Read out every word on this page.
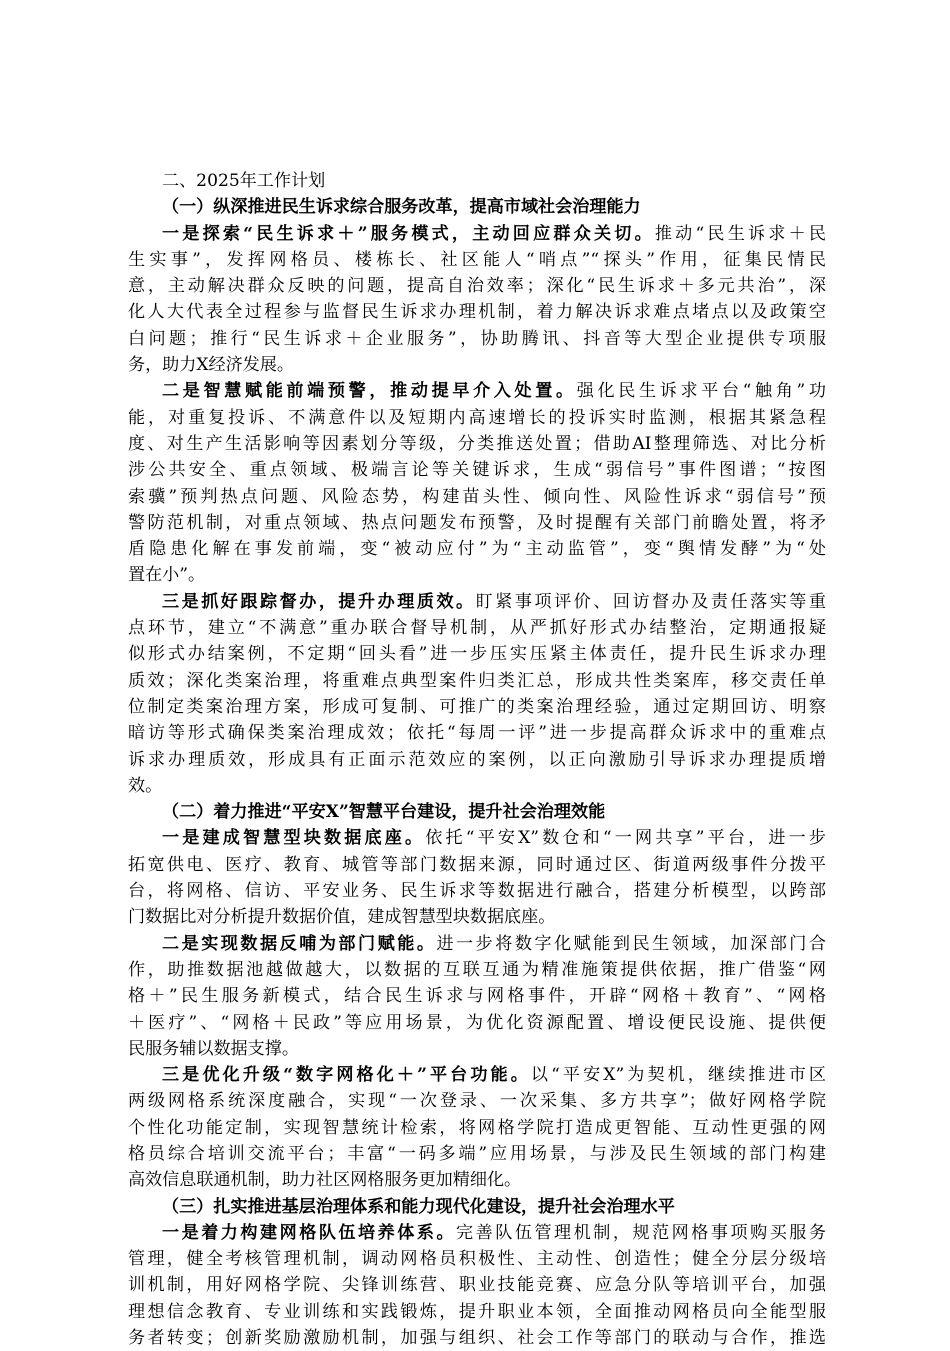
二、2025年工作计划
（一）纵深推进民生诉求综合服务改革，提高市域社会治理能力
一是探索“民生诉求＋”服务模式，主动回应群众关切。推动“民生诉求＋民
生实事”，发挥网格员、楼栋长、社区能人“哨点”“探头”作用，征集民情民
意，主动解决群众反映的问题，提高自治效率；深化“民生诉求＋多元共治”，深
化人大代表全过程参与监督民生诉求办理机制，着力解决诉求难点堵点以及政策空
白问题；推行“民生诉求＋企业服务”，协助腾讯、抖音等大型企业提供专项服
务，助力X经济发展。
二是智慧赋能前端预警，推动提早介入处置。强化民生诉求平台“触角”功
能，对重复投诉、不满意件以及短期内高速增长的投诉实时监测，根据其紧急程
度、对生产生活影响等因素划分等级，分类推送处置；借助AI整理筛选、对比分析
涉公共安全、重点领域、极端言论等关键诉求，生成“弱信号”事件图谱；“按图
索骥”预判热点问题、风险态势，构建苗头性、倾向性、风险性诉求“弱信号”预
警防范机制，对重点领域、热点问题发布预警，及时提醒有关部门前瞻处置，将矛
盾隐患化解在事发前端，变“被动应付”为“主动监管”，变“舆情发酵”为“处
置在小”。
三是抓好跟踪督办，提升办理质效。盯紧事项评价、回访督办及责任落实等重
点环节，建立“不满意”重办联合督导机制，从严抓好形式办结整治，定期通报疑
似形式办结案例，不定期“回头看”进一步压实压紧主体责任，提升民生诉求办理
质效；深化类案治理，将重难点典型案件归类汇总，形成共性类案库，移交责任单
位制定类案治理方案，形成可复制、可推广的类案治理经验，通过定期回访、明察
暗访等形式确保类案治理成效；依托“每周一评”进一步提高群众诉求中的重难点
诉求办理质效，形成具有正面示范效应的案例，以正向激励引导诉求办理提质增
效。
（二）着力推进“平安X”智慧平台建设，提升社会治理效能
一是建成智慧型块数据底座。依托“平安X”数仓和“一网共享”平台，进一步
拓宽供电、医疗、教育、城管等部门数据来源，同时通过区、街道两级事件分拨平
台，将网格、信访、平安业务、民生诉求等数据进行融合，搭建分析模型，以跨部
门数据比对分析提升数据价值，建成智慧型块数据底座。
二是实现数据反哺为部门赋能。进一步将数字化赋能到民生领域，加深部门合
作，助推数据池越做越大，以数据的互联互通为精准施策提供依据，推广借鉴“网
格＋”民生服务新模式，结合民生诉求与网格事件，开辟“网格＋教育”、“网格
＋医疗”、“网格＋民政”等应用场景，为优化资源配置、增设便民设施、提供便
民服务辅以数据支撑。
三是优化升级“数字网格化＋”平台功能。以“平安X”为契机，继续推进市区
两级网格系统深度融合，实现“一次登录、一次采集、多方共享”；做好网格学院
个性化功能定制，实现智慧统计检索，将网格学院打造成更智能、互动性更强的网
格员综合培训交流平台；丰富“一码多端”应用场景，与涉及民生领域的部门构建
高效信息联通机制，助力社区网格服务更加精细化。
（三）扎实推进基层治理体系和能力现代化建设，提升社会治理水平
一是着力构建网格队伍培养体系。完善队伍管理机制，规范网格事项购买服务
管理，健全考核管理机制，调动网格员积极性、主动性、创造性；健全分层分级培
训机制，用好网格学院、尖锋训练营、职业技能竞赛、应急分队等培训平台，加强
理想信念教育、专业训练和实践锻炼，提升职业本领，全面推动网格员向全能型服
务者转变；创新奖励激励机制，加强与组织、社会工作等部门的联动与合作，推选
